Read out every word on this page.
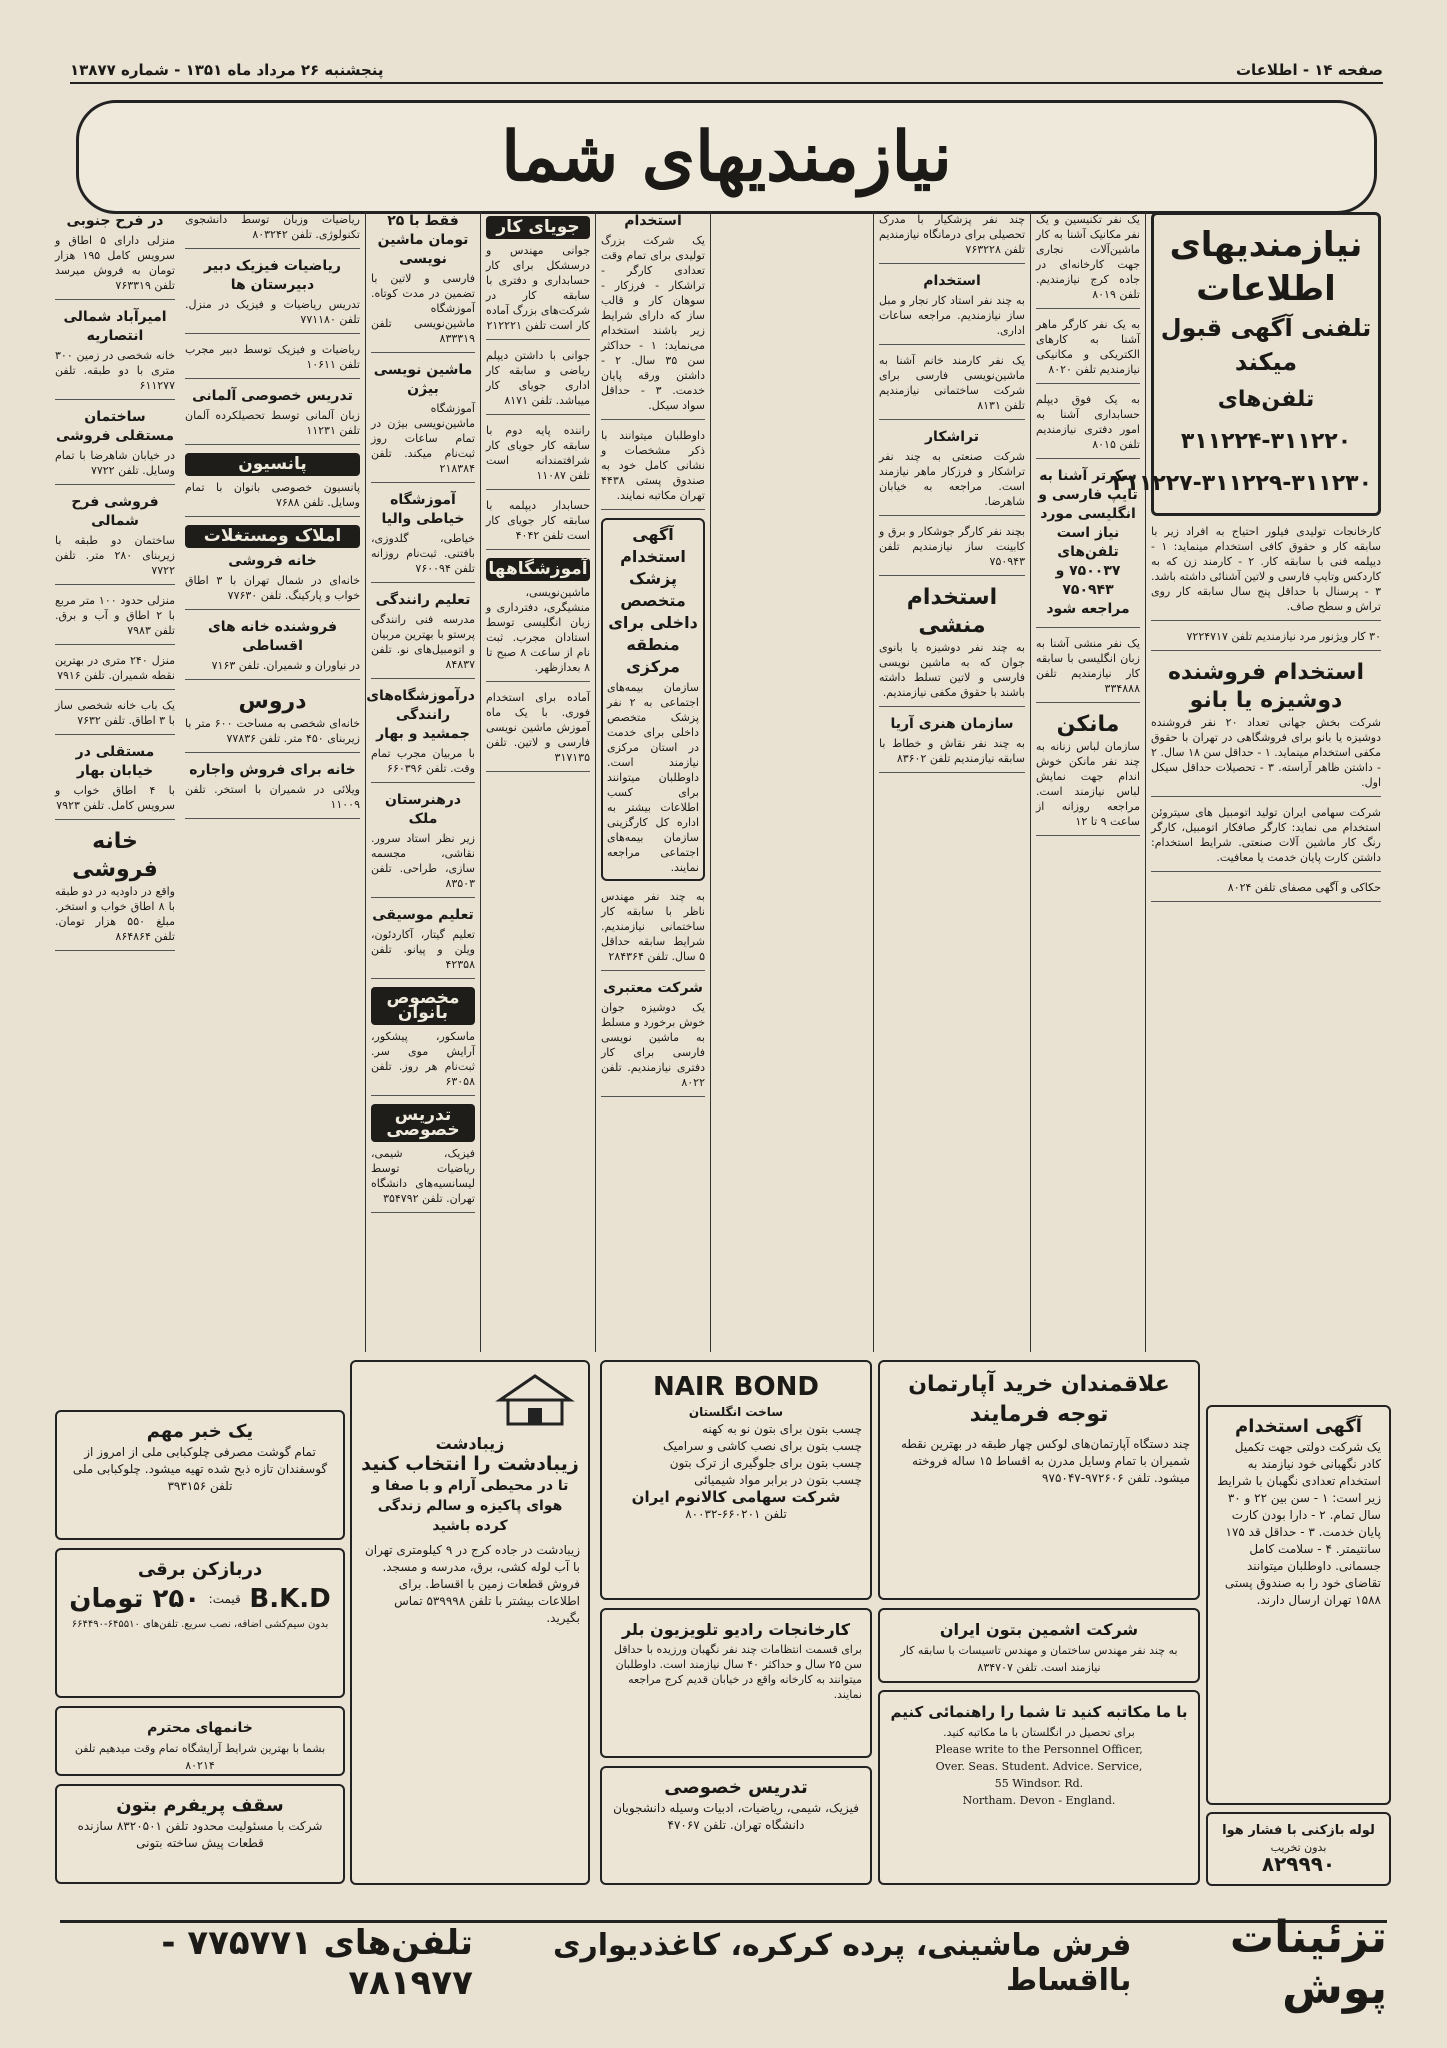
صفحه ۱۴ - اطلاعات
پنجشنبه ۲۶ مرداد ماه ۱۳۵۱ - شماره ۱۳۸۷۷
نیازمندیهای شما
نیازمندیهای اطلاعات
تلفنی آگهی قبول میکند
تلفن‌های ۳۱۱۲۲۰-۳۱۱۲۲۴
۳۱۱۲۲۷-۳۱۱۲۲۹-۳۱۱۲۳۰
کارخانجات تولیدی فیلور احتیاج به افراد زیر با سابقه کار و حقوق کافی استخدام مینماید: ۱ - دیپلمه فنی با سابقه کار. ۲ - کارمند زن که به کاردکس وتایپ فارسی و لاتین آشنائی داشته باشد. ۳ - پرسنال با حداقل پنج سال سابقه کار روی تراش و سطح صاف.
۳۰ کار ویژنور مرد نیازمندیم تلفن ۷۲۲۴۷۱۷
استخدام فروشنده دوشیزه یا بانو
شرکت بخش جهانی تعداد ۲۰ نفر فروشنده دوشیزه یا بانو برای فروشگاهی در تهران با حقوق مکفی استخدام مینماید. ۱ - حداقل سن ۱۸ سال. ۲ - داشتن ظاهر آراسته. ۳ - تحصیلات حداقل سیکل اول.
شرکت سهامی ایران تولید اتومبیل های سیتروئن استخدام می نماید: کارگر صافکار اتومبیل، کارگر رنگ کار ماشین آلات صنعتی. شرایط استخدام: داشتن کارت پایان خدمت یا معافیت.
حکاکی و آگهی مصفای تلفن ۸۰۲۴
یک نفر تکنیسین و یک نفر مکانیک آشنا به کار ماشین‌آلات نجاری جهت کارخانه‌ای در جاده کرج نیازمندیم. تلفن ۸۰۱۹
به یک نفر کارگر ماهر آشنا به کارهای الکتریکی و مکانیکی نیازمندیم تلفن ۸۰۲۰
به یک فوق دیپلم حسابداری آشنا به امور دفتری نیازمندیم تلفن ۸۰۱۵
سکرتر آشنا به تایپ فارسی و انگلیسی مورد نیاز است تلفن‌های ۷۵۰۰۳۷ و ۷۵۰۹۴۳ مراجعه شود
یک نفر منشی آشنا به زبان انگلیسی با سابقه کار نیازمندیم تلفن ۳۳۴۸۸۸
مانکن
سازمان لباس زنانه به چند نفر مانکن خوش اندام جهت نمایش لباس نیازمند است. مراجعه روزانه از ساعت ۹ تا ۱۲
چند نفر پزشکیار با مدرک تحصیلی برای درمانگاه نیازمندیم تلفن ۷۶۳۲۲۸
استخدام
به چند نفر استاد کار نجار و مبل ساز نیازمندیم. مراجعه ساعات اداری.
یک نفر کارمند خانم آشنا به ماشین‌نویسی فارسی برای شرکت ساختمانی نیازمندیم تلفن ۸۱۳۱
تراشکار
شرکت صنعتی به چند نفر تراشکار و فرزکار ماهر نیازمند است. مراجعه به خیابان شاهرضا.
بچند نفر کارگر جوشکار و برق و کابینت ساز نیازمندیم تلفن ۷۵۰۹۴۳
استخدام منشی
به چند نفر دوشیزه یا بانوی جوان که به ماشین نویسی فارسی و لاتین تسلط داشته باشند با حقوق مکفی نیازمندیم.
سازمان هنری آریا
به چند نفر نقاش و خطاط با سابقه نیازمندیم تلفن ۸۳۶۰۲
استخدام
یک شرکت بزرگ تولیدی برای تمام وقت تعدادی کارگر - تراشکار - فرزکار - سوهان کار و قالب ساز که دارای شرایط زیر باشند استخدام می‌نماید: ۱ - حداکثر سن ۳۵ سال. ۲ - داشتن ورقه پایان خدمت. ۳ - حداقل سواد سیکل.
داوطلبان میتوانند با ذکر مشخصات و نشانی کامل خود به صندوق پستی ۴۴۳۸ تهران مکاتبه نمایند.
آگهی استخدام پزشک متخصص داخلی برای منطقه مرکزی
سازمان بیمه‌های اجتماعی به ۲ نفر پزشک متخصص داخلی برای خدمت در استان مرکزی نیازمند است. داوطلبان میتوانند برای کسب اطلاعات بیشتر به اداره کل کارگزینی سازمان بیمه‌های اجتماعی مراجعه نمایند.
به چند نفر مهندس ناظر با سابقه کار ساختمانی نیازمندیم. شرایط سابقه حداقل ۵ سال. تلفن ۲۸۴۳۶۴
شرکت معتبری
یک دوشیزه جوان خوش برخورد و مسلط به ماشین نویسی فارسی برای کار دفتری نیازمندیم. تلفن ۸۰۲۲
جویای کار
جوانی مهندس و درسشکل برای کار حسابداری و دفتری با سابقه کار در شرکت‌های بزرگ آماده کار است تلفن ۲۱۲۲۲۱
جوانی با داشتن دیپلم ریاضی و سابقه کار اداری جویای کار میباشد. تلفن ۸۱۷۱
راننده پایه دوم با سابقه کار جویای کار شرافتمندانه است تلفن ۱۱۰۸۷
حسابدار دیپلمه با سابقه کار جویای کار است تلفن ۴۰۴۲
آموزشگاهها
ماشین‌نویسی، منشیگری، دفترداری و زبان انگلیسی توسط استادان مجرب. ثبت نام از ساعت ۸ صبح تا ۸ بعدازظهر.
آماده برای استخدام فوری. با یک ماه آموزش ماشین نویسی فارسی و لاتین. تلفن ۳۱۷۱۳۵
فقط با ۲۵ تومان ماشین نویسی
فارسی و لاتین با تضمین در مدت کوتاه. آموزشگاه ماشین‌نویسی تلفن ۸۳۳۳۱۹
ماشین نویسی بیژن
آموزشگاه ماشین‌نویسی بیژن در تمام ساعات روز ثبت‌نام میکند. تلفن ۲۱۸۳۸۴
آموزشگاه خیاطی والیا
خیاطی، گلدوزی، بافتنی. ثبت‌نام روزانه تلفن ۷۶۰۰۹۴
تعلیم رانندگی
مدرسه فنی رانندگی پرستو با بهترین مربیان و اتومبیل‌های نو. تلفن ۸۴۸۳۷
درآموزشگاه‌های رانندگی جمشید و بهار
با مربیان مجرب تمام وقت. تلفن ۶۶۰۳۹۶
درهنرستان ملک
زیر نظر استاد سرور. نقاشی، مجسمه سازی، طراحی. تلفن ۸۳۵۰۳
تعلیم موسیقی
تعلیم گیتار، آکاردئون، ویلن و پیانو. تلفن ۴۲۳۵۸
مخصوص بانوان
ماسکور، پیشکور، آرایش موی سر. ثبت‌نام هر روز. تلفن ۶۳۰۵۸
تدریس خصوصی
فیزیک، شیمی، ریاضیات توسط لیسانسیه‌های دانشگاه تهران. تلفن ۳۵۴۷۹۲
ریاضیات وزبان توسط دانشجوی تکنولوژی. تلفن ۸۰۳۲۴۲
ریاضیات فیزیک دبیر دبیرستان ها
تدریس ریاضیات و فیزیک در منزل. تلفن ۷۷۱۱۸۰
ریاضیات و فیزیک توسط دبیر مجرب تلفن ۱۰۶۱۱
تدریس خصوصی آلمانی
زبان آلمانی توسط تحصیلکرده آلمان تلفن ۱۱۲۳۱
پانسیون
پانسیون خصوصی بانوان با تمام وسایل. تلفن ۷۶۸۸
املاک ومستغلات
خانه فروشی
خانه‌ای در شمال تهران با ۳ اطاق خواب و پارکینگ. تلفن ۷۷۶۳۰
فروشنده خانه های اقساطی
در نیاوران و شمیران. تلفن ۷۱۶۳
دروس
خانه‌ای شخصی به مساحت ۶۰۰ متر با زیربنای ۴۵۰ متر. تلفن ۷۷۸۳۶
خانه برای فروش واجاره
ویلائی در شمیران با استخر. تلفن ۱۱۰۰۹
در فرح جنوبی
منزلی دارای ۵ اطاق و سرویس کامل ۱۹۵ هزار تومان به فروش میرسد تلفن ۷۶۳۳۱۹
امیرآباد شمالی انتصاریه
خانه شخصی در زمین ۳۰۰ متری با دو طبقه. تلفن ۶۱۱۲۷۷
ساختمان مستقلی فروشی
در خیابان شاهرضا با تمام وسایل. تلفن ۷۷۲۲
فروشی فرح شمالی
ساختمان دو طبقه با زیربنای ۲۸۰ متر. تلفن ۷۷۲۲
منزلی حدود ۱۰۰ متر مربع با ۲ اطاق و آب و برق. تلفن ۷۹۸۳
منزل ۲۴۰ متری در بهترین نقطه شمیران. تلفن ۷۹۱۶
یک باب خانه شخصی ساز با ۳ اطاق. تلفن ۷۶۳۲
مستقلی در خیابان بهار
با ۴ اطاق خواب و سرویس کامل. تلفن ۷۹۲۳
خانه فروشی
واقع در داودیه در دو طبقه با ۸ اطاق خواب و استخر. مبلغ ۵۵۰ هزار تومان. تلفن ۸۶۴۸۶۴
یک خبر مهم
تمام گوشت مصرفی چلوکبابی ملی از امروز از گوسفندان تازه ذبح شده تهیه میشود. چلوکبابی ملی تلفن ۳۹۳۱۵۶
دربازکن برقی
B.K.D
قیمت:
۲۵۰ تومان
بدون سیم‌کشی اضافه، نصب سریع. تلفن‌های ۶۴۵۵۱۰-۶۶۴۴۹۰
خانمهای محترم
بشما با بهترین شرایط آرایشگاه تمام وقت میدهیم تلفن ۸۰۲۱۴
سقف پریفرم بتون
شرکت با مسئولیت محدود تلفن ۸۳۲۰۵۰۱ سازنده قطعات پیش ساخته بتونی
زیبادشت
زیبادشت را انتخاب کنید
تا در محیطی آرام و با صفا و هوای پاکیزه و سالم زندگی کرده باشید
زیبادشت در جاده کرج در ۹ کیلومتری تهران با آب لوله کشی، برق، مدرسه و مسجد. فروش قطعات زمین با اقساط. برای اطلاعات بیشتر با تلفن ۵۳۹۹۹۸ تماس بگیرید.
NAIR BOND
ساخت انگلستان
چسب بتون برای بتون نو به کهنه
چسب بتون برای نصب کاشی و سرامیک
چسب بتون برای جلوگیری از ترک بتون
چسب بتون در برابر مواد شیمیائی
شرکت سهامی کالانوم ایران
تلفن ۶۶۰۲۰۱-۸۰۰۳۲
علاقمندان خرید آپارتمان توجه فرمایند
چند دستگاه آپارتمان‌های لوکس چهار طبقه در بهترین نقطه شمیران با تمام وسایل مدرن به اقساط ۱۵ ساله فروخته میشود. تلفن ۹۷۲۶۰۶-۹۷۵۰۴۷
آگهی استخدام
یک شرکت دولتی جهت تکمیل کادر نگهبانی خود نیازمند به استخدام تعدادی نگهبان با شرایط زیر است: ۱ - سن بین ۲۲ و ۳۰ سال تمام. ۲ - دارا بودن کارت پایان خدمت. ۳ - حداقل قد ۱۷۵ سانتیمتر. ۴ - سلامت کامل جسمانی. داوطلبان میتوانند تقاضای خود را به صندوق پستی ۱۵۸۸ تهران ارسال دارند.
کارخانجات رادیو تلویزیون بلر
برای قسمت انتظامات چند نفر نگهبان ورزیده با حداقل سن ۲۵ سال و حداکثر ۴۰ سال نیازمند است. داوطلبان میتوانند به کارخانه واقع در خیابان قدیم کرج مراجعه نمایند.
شرکت اشمین بتون ایران
به چند نفر مهندس ساختمان و مهندس تاسیسات با سابقه کار نیازمند است. تلفن ۸۳۴۷۰۷
با ما مکاتبه کنید تا شما را راهنمائی کنیم
برای تحصیل در انگلستان با ما مکاتبه کنید.
Please write to the Personnel Officer,
Over. Seas. Student. Advice. Service,
55 Windsor. Rd.
Northam. Devon - England.
تدریس خصوصی
فیزیک، شیمی، ریاضیات، ادبیات وسیله دانشجویان دانشگاه تهران. تلفن ۴۷۰۶۷	لوله بازکنی با فشار هوا
بدون تخریب
۸۲۹۹۹۰
تزئینات پوش
فرش ماشینی، پرده کرکره، کاغذدیواری بااقساط
تلفن‌های ۷۷۵۷۷۱ - ۷۸۱۹۷۷
